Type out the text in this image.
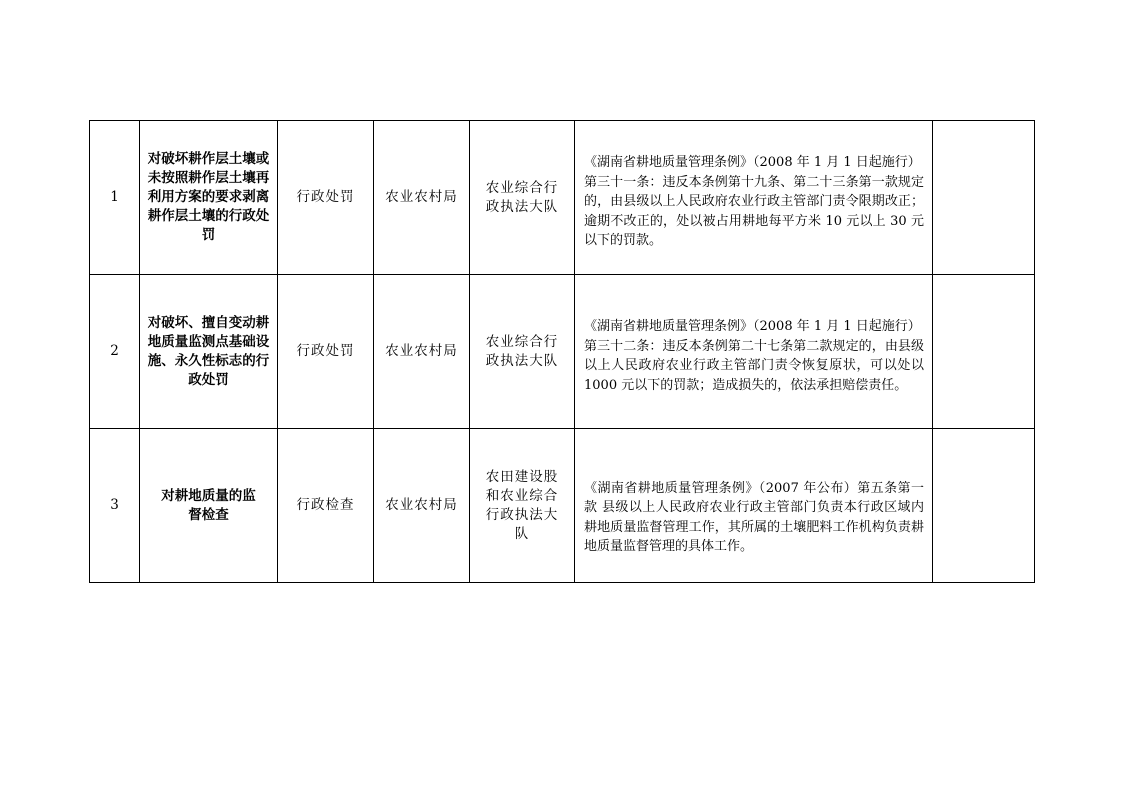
1	对破坏耕作层土壤或未按照耕作层土壤再利用方案的要求剥离耕作层土壤的行政处罚	行政处罚	农业农村局	农业综合行政执法大队	《湖南省耕地质量管理条例》（2008 年 1 月 1 日起施行）
第三十一条：违反本条例第十九条、第二十三条第一款规定的，由县级以上人民政府农业行政主管部门责令限期改正；逾期不改正的，处以被占用耕地每平方米 10 元以上 30 元以下的罚款。	

2	对破坏、擅自变动耕地质量监测点基础设施、永久性标志的行政处罚	行政处罚	农业农村局	农业综合行政执法大队	《湖南省耕地质量管理条例》（2008 年 1 月 1 日起施行）
第三十二条：违反本条例第二十七条第二款规定的，由县级以上人民政府农业行政主管部门责令恢复原状，可以处以 1000 元以下的罚款；造成损失的，依法承担赔偿责任。	

3	对耕地质量的监督检查	行政检查	农业农村局	农田建设股和农业综合行政执法大队	《湖南省耕地质量管理条例》（2007 年公布）第五条第一款 县级以上人民政府农业行政主管部门负责本行政区域内耕地质量监督管理工作，其所属的土壤肥料工作机构负责耕地质量监督管理的具体工作。	
